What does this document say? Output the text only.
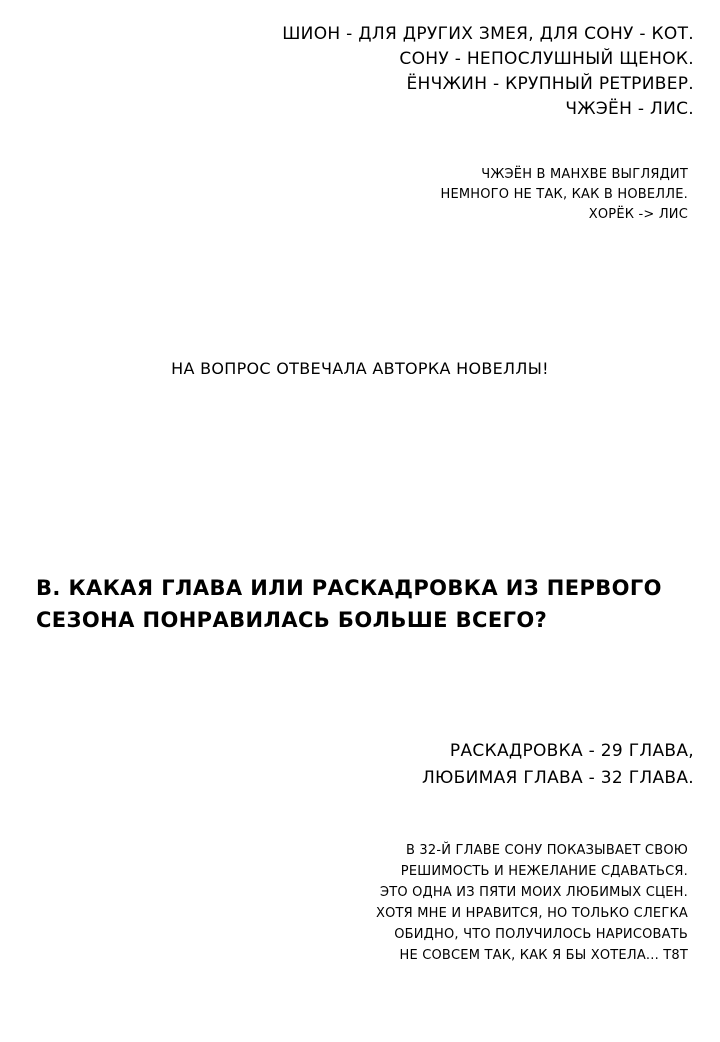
ШИОН - ДЛЯ ДРУГИХ ЗМЕЯ, ДЛЯ СОНУ - КОТ.
СОНУ - НЕПОСЛУШНЫЙ ЩЕНОК.
ЁНЧЖИН - КРУПНЫЙ РЕТРИВЕР.
ЧЖЭЁН - ЛИС.
ЧЖЭЁН В МАНХВЕ ВЫГЛЯДИТ
НЕМНОГО НЕ ТАК, КАК В НОВЕЛЛЕ.
ХОРЁК -> ЛИС
НА ВОПРОС ОТВЕЧАЛА АВТОРКА НОВЕЛЛЫ!
В. КАКАЯ ГЛАВА ИЛИ РАСКАДРОВКА ИЗ ПЕРВОГО
СЕЗОНА ПОНРАВИЛАСЬ БОЛЬШЕ ВСЕГО?
РАСКАДРОВКА - 29 ГЛАВА,
ЛЮБИМАЯ ГЛАВА - 32 ГЛАВА.
В 32-Й ГЛАВЕ СОНУ ПОКАЗЫВАЕТ СВОЮ
РЕШИМОСТЬ И НЕЖЕЛАНИЕ СДАВАТЬСЯ.
ЭТО ОДНА ИЗ ПЯТИ МОИХ ЛЮБИМЫХ СЦЕН.
ХОТЯ МНЕ И НРАВИТСЯ, НО ТОЛЬКО СЛЕГКА
ОБИДНО, ЧТО ПОЛУЧИЛОСЬ НАРИСОВАТЬ
НЕ СОВСЕМ ТАК, КАК Я БЫ ХОТЕЛА... Т8Т
